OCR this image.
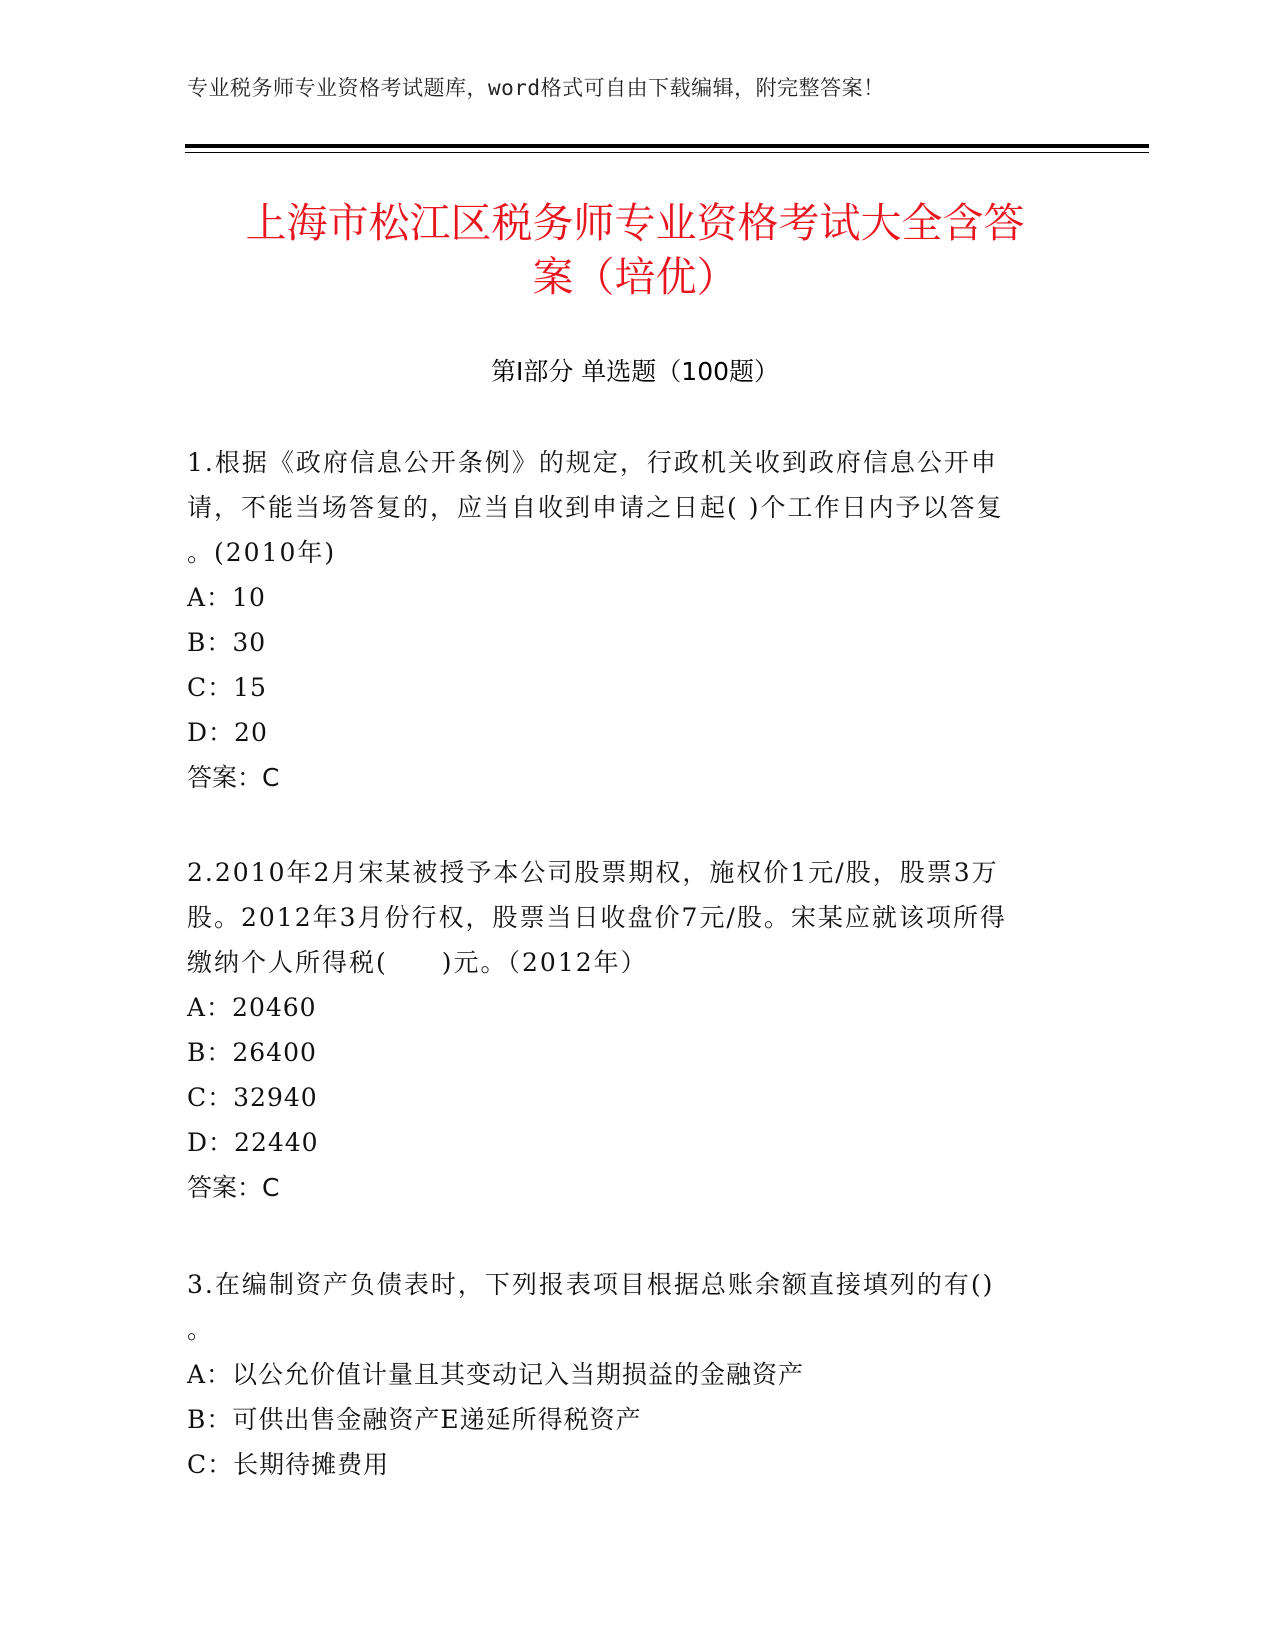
专业税务师专业资格考试题库，word格式可自由下载编辑，附完整答案！
上海市松江区税务师专业资格考试大全含答
案（培优）
第Ⅰ部分 单选题（100题）

1.根据《政府信息公开条例》的规定，行政机关收到政府信息公开申

请，不能当场答复的，应当自收到申请之日起( )个工作日内予以答复

。(2010年)

A：10

B：30

C：15

D：20

答案：C

2.2010年2月宋某被授予本公司股票期权，施权价1元/股，股票3万

股。2012年3月份行权，股票当日收盘价7元/股。宋某应就该项所得

缴纳个人所得税(　　)元。（2012年）

A：20460

B：26400

C：32940

D：22440

答案：C

3.在编制资产负债表时，下列报表项目根据总账余额直接填列的有()

。

A：以公允价值计量且其变动记入当期损益的金融资产

B：可供出售金融资产E递延所得税资产

C：长期待摊费用
